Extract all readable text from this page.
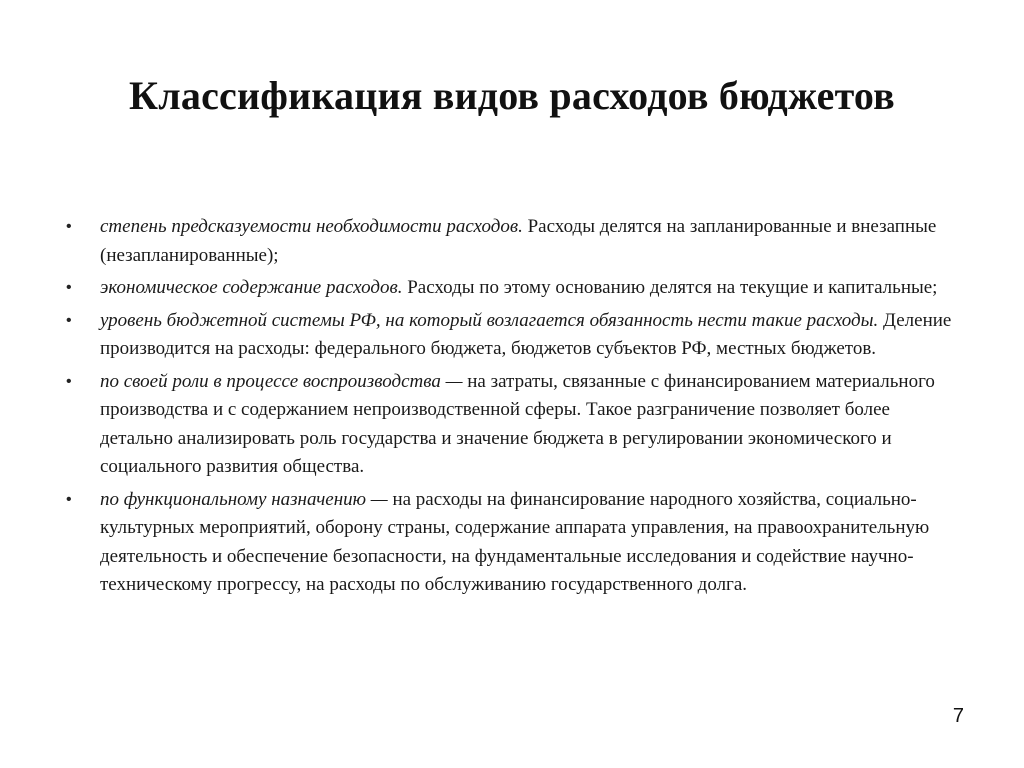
Классификация видов расходов бюджетов
• степень предсказуемости необходимости расходов. Расходы делятся на запланированные и внезапные (незапланированные);
• экономическое содержание расходов. Расходы по этому основанию делятся на текущие и капитальные;
• уровень бюджетной системы РФ, на который возлагается обязанность нести такие расходы. Деление производится на расходы: федерального бюджета, бюджетов субъектов РФ, местных бюджетов.
• по своей роли в процессе воспроизводства — на затраты, связанные с финансированием материального производства и с содержанием непроизводственной сферы. Такое разграничение позволяет более детально анализировать роль государства и значение бюджета в регулировании экономического и социального развития общества.
• по функциональному назначению — на расходы на финансирование народного хозяйства, социально-культурных мероприятий, оборону страны, содержание аппарата управления, на правоохранительную деятельность и обеспечение безопасности, на фундаментальные исследования и содействие научно-техническому прогрессу, на расходы по обслуживанию государственного долга.
7
